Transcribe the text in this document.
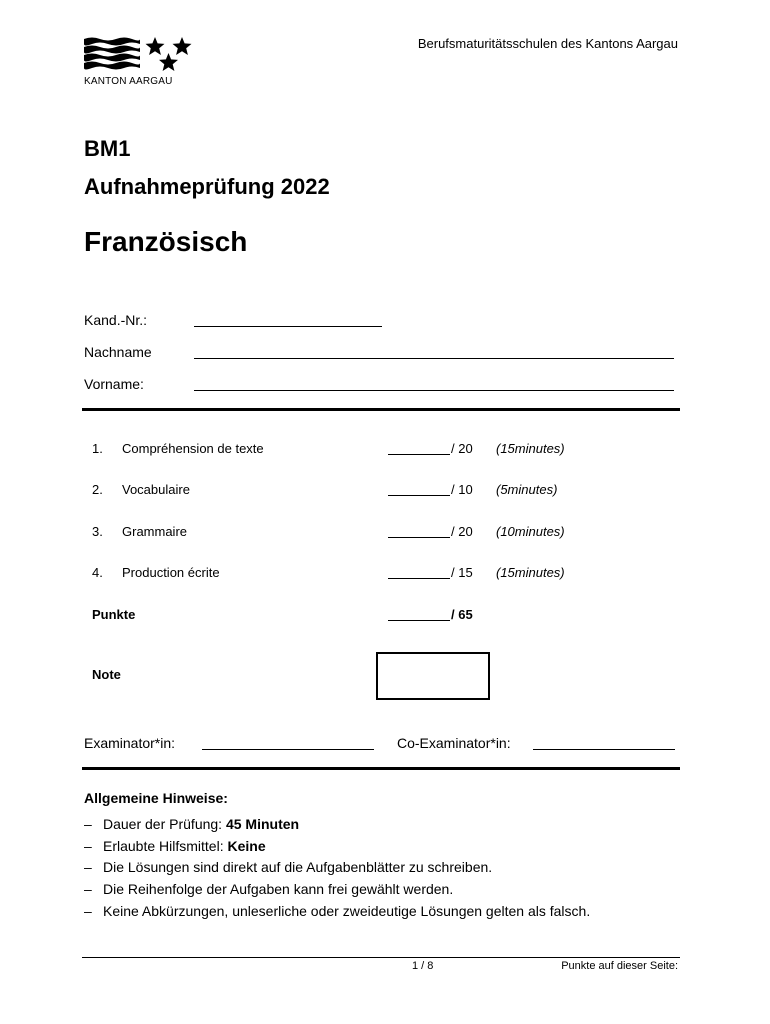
KANTON AARGAU
Berufsmaturitätsschulen des Kantons Aargau
BM1
Aufnahmeprüfung 2022
Französisch
Kand.-Nr.:
Nachname
Vorname:
1. Compréhension de texte	/ 20 (15minutes)
2. Vocabulaire	/ 10 (5minutes)
3. Grammaire	/ 20 (10minutes)
4. Production écrite	/ 15 (15minutes)
Punkte	/ 65
Note
Examinator*in:	Co-Examinator*in:
Allgemeine Hinweise:
– Dauer der Prüfung: 45 Minuten
– Erlaubte Hilfsmittel: Keine
– Die Lösungen sind direkt auf die Aufgabenblätter zu schreiben.
– Die Reihenfolge der Aufgaben kann frei gewählt werden.
– Keine Abkürzungen, unleserliche oder zweideutige Lösungen gelten als falsch.
1 / 8	Punkte auf dieser Seite:
